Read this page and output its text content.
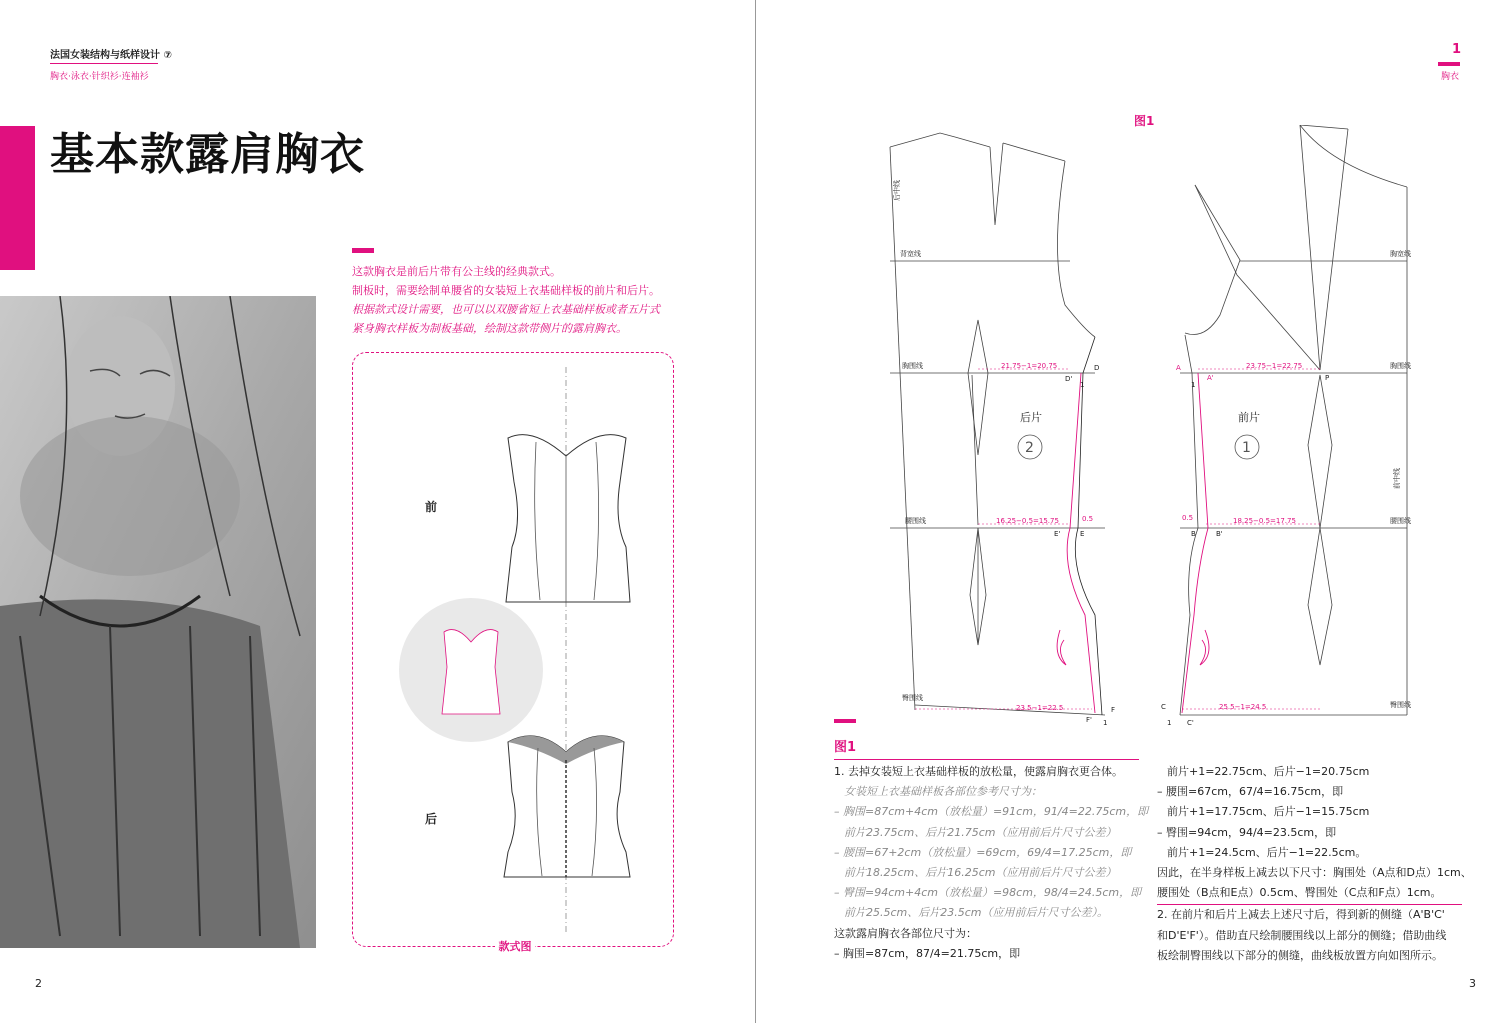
法国女装结构与纸样设计 ⑦
胸衣·泳衣·针织衫·连袖衫
基本款露肩胸衣

这款胸衣是前后片带有公主线的经典款式。

制板时，需要绘制单腰省的女装短上衣基础样板的前片和后片。

根据款式设计需要，也可以以双腰省短上衣基础样板或者五片式

紧身胸衣样板为制板基础，绘制这款带侧片的露肩胸衣。

前
后
款式图
2
1
胸衣
图1
后中线
背宽线
胸围线
腰围线
臀围线
21.75−1=20.75
16.25−0.5=15.75
23.5−1=22.5
0.5
1
1
D
D'
E
E'
F
F'
后片
2
胸围线
胸宽线
腰围线
臀围线
前中线
23.75−1=22.75
18.25−0.5=17.75
25.5−1=24.5
0.5
1
1
A
A'
B	B'
C
C'
P
前片
1
图1
1. 去掉女装短上衣基础样板的放松量，使露肩胸衣更合体。
女装短上衣基础样板各部位参考尺寸为：
– 胸围=87cm+4cm（放松量）=91cm，91/4=22.75cm，即
前片23.75cm、后片21.75cm（应用前后片尺寸公差）
– 腰围=67+2cm（放松量）=69cm，69/4=17.25cm，即
前片18.25cm、后片16.25cm（应用前后片尺寸公差）
– 臀围=94cm+4cm（放松量）=98cm，98/4=24.5cm，即
前片25.5cm、后片23.5cm（应用前后片尺寸公差）。
这款露肩胸衣各部位尺寸为：
– 胸围=87cm，87/4=21.75cm，即
前片+1=22.75cm、后片−1=20.75cm
– 腰围=67cm，67/4=16.75cm，即
前片+1=17.75cm、后片−1=15.75cm
– 臀围=94cm，94/4=23.5cm，即
前片+1=24.5cm、后片−1=22.5cm。
因此，在半身样板上减去以下尺寸：胸围处（A点和D点）1cm、
腰围处（B点和E点）0.5cm、臀围处（C点和F点）1cm。
2. 在前片和后片上减去上述尺寸后，得到新的侧缝（A'B'C'
和D'E'F'）。借助直尺绘制腰围线以上部分的侧缝；借助曲线
板绘制臀围线以下部分的侧缝，曲线板放置方向如图所示。
3
